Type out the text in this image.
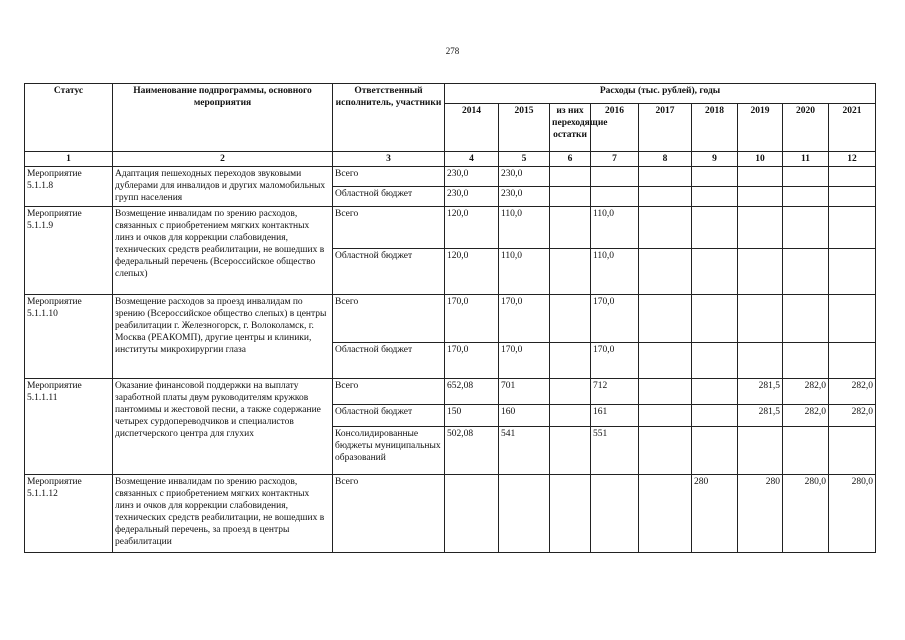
278
Статус	Наименование подпрограммы, основного мероприятия	Ответственный исполнитель, участники	Расходы (тыс. рублей), годы								
			2014	2015	из них переходящие остатки	2016	2017	2018	2019	2020	2021
1	2	3	4	5	6	7	8	9	10	11	12
Мероприятие 5.1.1.8	Адаптация пешеходных переходов звуковыми дублерами для инвалидов и других маломобильных групп населения	Всего	230,0	230,0							
		Областной бюджет	230,0	230,0							
Мероприятие 5.1.1.9	Возмещение инвалидам по зрению расходов, связанных с приобретением мягких контактных линз и очков для коррекции слабовидения, технических средств реабилитации, не вошедших в федеральный перечень (Всероссийское общество слепых)	Всего	120,0	110,0		110,0					
		Областной бюджет	120,0	110,0		110,0					
Мероприятие 5.1.1.10	Возмещение расходов за проезд инвалидам по зрению (Всероссийское общество слепых) в центры реабилитации г. Железногорск, г. Волоколамск, г. Москва (РЕАКОМП), другие центры и клиники, институты микрохирургии глаза	Всего	170,0	170,0		170,0					
		Областной бюджет	170,0	170,0		170,0					
Мероприятие 5.1.1.11	Оказание финансовой поддержки на выплату заработной платы двум руководителям кружков пантомимы и жестовой песни, а также содержание четырех сурдопереводчиков и специалистов диспетчерского центра для глухих	Всего	652,08	701		712			281,5	282,0	282,0
		Областной бюджет	150	160		161			281,5	282,0	282,0
		Консолидированные бюджеты муниципальных образований	502,08	541		551					
Мероприятие 5.1.1.12	Возмещение инвалидам по зрению расходов, связанных с приобретением мягких контактных линз и очков для коррекции слабовидения, технических средств реабилитации, не вошедших в федеральный перечень, за проезд в центры реабилитации	Всего						280	280	280,0	280,0
